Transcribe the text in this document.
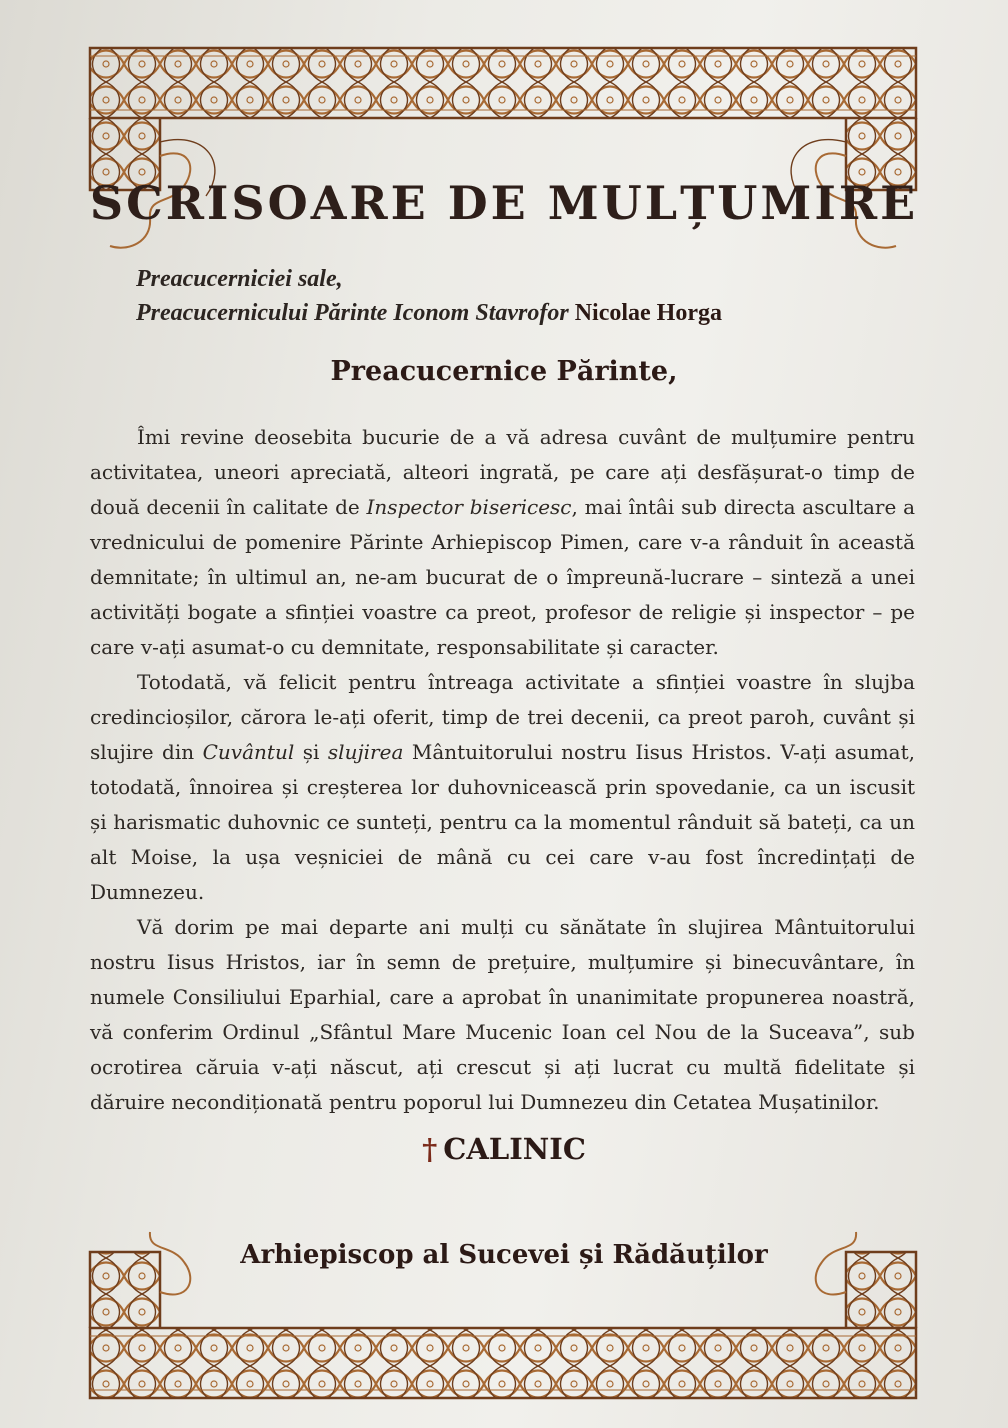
SCRISOARE DE MULȚUMIRE
Preacucerniciei sale,
Preacucernicului Părinte Iconom Stavrofor Nicolae Horga
Preacucernice Părinte,

Îmi revine deosebita bucurie de a vă adresa cuvânt de mulțumire pentru activitatea, uneori apreciată, alteori ingrată, pe care ați desfășurat-o timp de două decenii în calitate de Inspector bisericesc, mai întâi sub directa ascultare a vrednicului de pomenire Părinte Arhiepiscop Pimen, care v-a rânduit în această demnitate; în ultimul an, ne-am bucurat de o împreună-lucrare – sinteză a unei activități bogate a sfinției voastre ca preot, profesor de religie și inspector – pe care v-ați asumat-o cu demnitate, responsabilitate și caracter.

Totodată, vă felicit pentru întreaga activitate a sfinției voastre în slujba credincioșilor, cărora le-ați oferit, timp de trei decenii, ca preot paroh, cuvânt și slujire din Cuvântul și slujirea Mântuitorului nostru Iisus Hristos. V-ați asumat, totodată, înnoirea și creșterea lor duhovnicească prin spovedanie, ca un iscusit și harismatic duhovnic ce sunteți, pentru ca la momentul rânduit să bateți, ca un alt Moise, la ușa veșniciei de mână cu cei care v-au fost încredințați de Dumnezeu.

Vă dorim pe mai departe ani mulți cu sănătate în slujirea Mântuitorului nostru Iisus Hristos, iar în semn de prețuire, mulțumire și binecuvântare, în numele Consiliului Eparhial, care a aprobat în unanimitate propunerea noastră, vă conferim Ordinul „Sfântul Mare Mucenic Ioan cel Nou de la Suceava”, sub ocrotirea căruia v-ați născut, ați crescut și ați lucrat cu multă fidelitate și dăruire necondiționată pentru poporul lui Dumnezeu din Cetatea Mușatinilor.

† CALINIC
Arhiepiscop al Sucevei și Rădăuților
